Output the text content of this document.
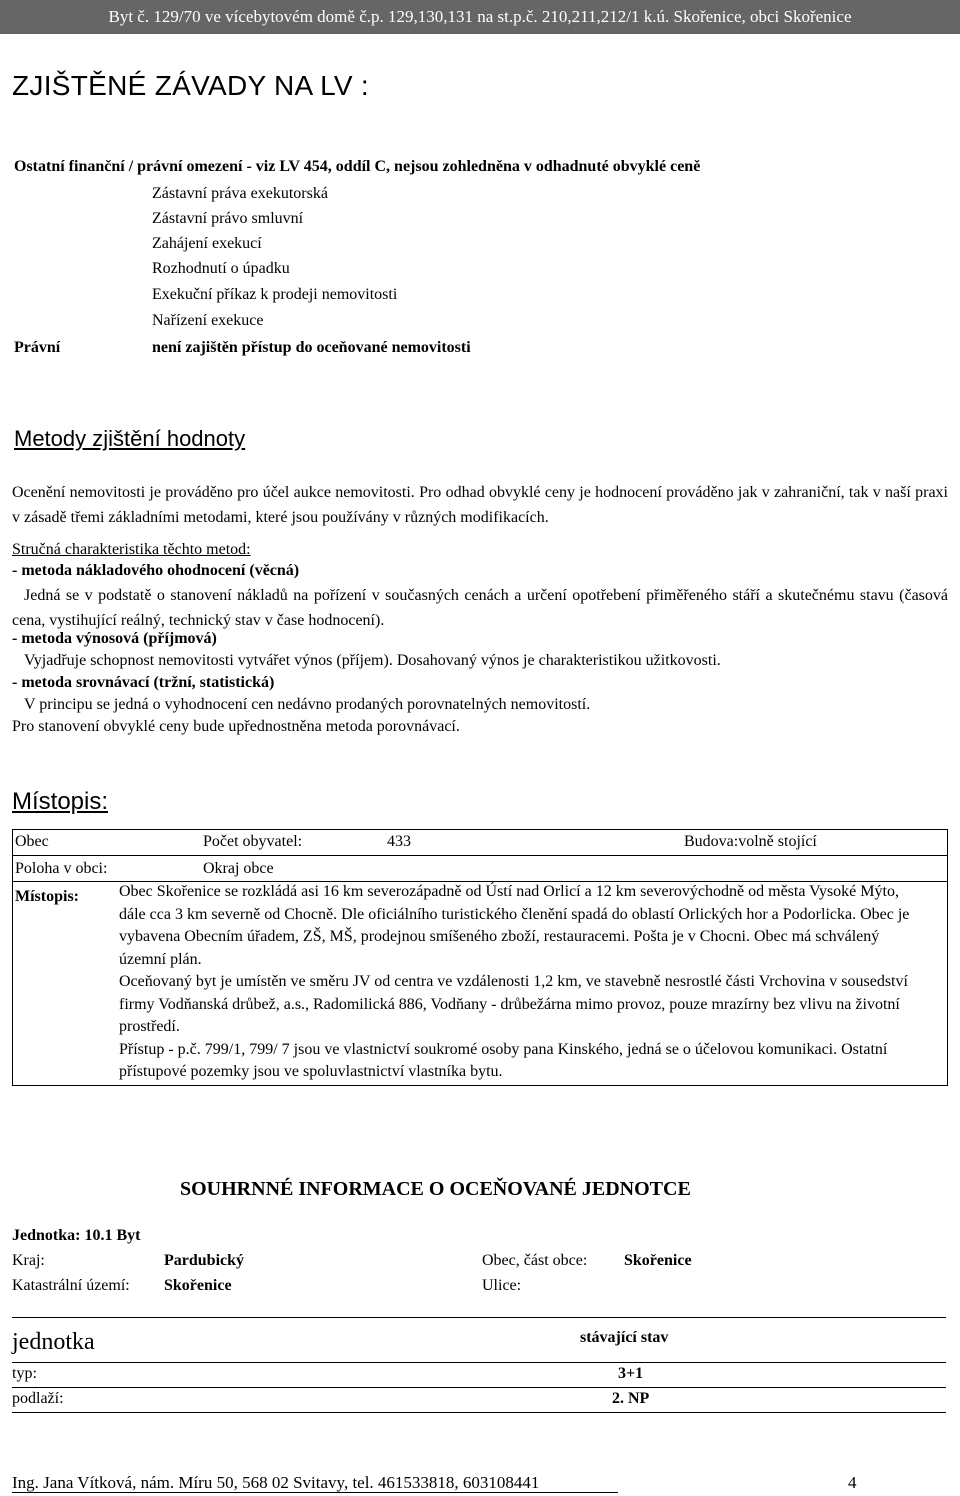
Byt č. 129/70 ve vícebytovém domě č.p. 129,130,131 na st.p.č. 210,211,212/1 k.ú. Skořenice, obci Skořenice
ZJIŠTĚNÉ ZÁVADY NA LV :
Ostatní finanční / právní omezení - viz LV 454, oddíl C, nejsou zohledněna v odhadnuté obvyklé ceně
Zástavní práva exekutorská
Zástavní právo smluvní
Zahájení exekucí
Rozhodnutí o úpadku
Exekuční příkaz k prodeji nemovitosti
Nařízení exekuce
Právní	není zajištěn přístup do oceňované nemovitosti
Metody zjištění hodnoty
Ocenění nemovitosti je prováděno pro účel aukce nemovitosti. Pro odhad obvyklé ceny je hodnocení prováděno jak v zahraniční, tak v naší praxi v zásadě třemi základními metodami, které jsou používány v různých modifikacích.
Stručná charakteristika těchto metod:
- metoda nákladového ohodnocení (věcná)
Jedná se v podstatě o stanovení nákladů na pořízení v současných cenách a určení opotřebení přiměřeného stáří a skutečnému stavu (časová cena, vystihující reálný, technický stav v čase hodnocení).
- metoda výnosová (příjmová)
Vyjadřuje schopnost nemovitosti vytvářet výnos (příjem). Dosahovaný výnos je charakteristikou užitkovosti.
- metoda srovnávací (tržní, statistická)
V principu se jedná o vyhodnocení cen nedávno prodaných porovnatelných nemovitostí.
Pro stanovení obvyklé ceny bude upřednostněna metoda porovnávací.
Místopis:
Obec	Počet obyvatel:	433	Budova:volně stojící
Poloha v obci:	Okraj obce
Místopis:	Obec Skořenice se rozkládá asi 16 km severozápadně od Ústí nad Orlicí a 12 km severovýchodně od města Vysoké Mýto, dále cca 3 km severně od Chocně. Dle oficiálního turistického členění spadá do oblastí Orlických hor a Podorlicka. Obec je vybavena Obecním úřadem, ZŠ, MŠ, prodejnou smíšeného zboží, restauracemi. Pošta je v Chocni. Obec má schválený územní plán.
Oceňovaný byt je umístěn ve směru JV od centra ve vzdálenosti 1,2 km, ve stavebně nesrostlé části Vrchovina v sousedství firmy Vodňanská drůbež, a.s., Radomilická 886, Vodňany - drůbežárna mimo provoz, pouze mrazírny bez vlivu na životní prostředí.
Přístup - p.č. 799/1, 799/ 7 jsou ve vlastnictví soukromé osoby pana Kinského, jedná se o účelovou komunikaci. Ostatní přístupové pozemky jsou ve spoluvlastnictví vlastníka bytu.
SOUHRNNÉ INFORMACE O OCEŇOVANÉ JEDNOTCE
Jednotka: 10.1 Byt
Kraj:	Pardubický	Obec, část obce: Skořenice
Katastrální území: Skořenice	Ulice:
jednotka	stávající stav
typ:	3+1
podlaží:	2. NP
Ing. Jana Vítková, nám. Míru 50, 568 02 Svitavy, tel. 461533818, 603108441	4
